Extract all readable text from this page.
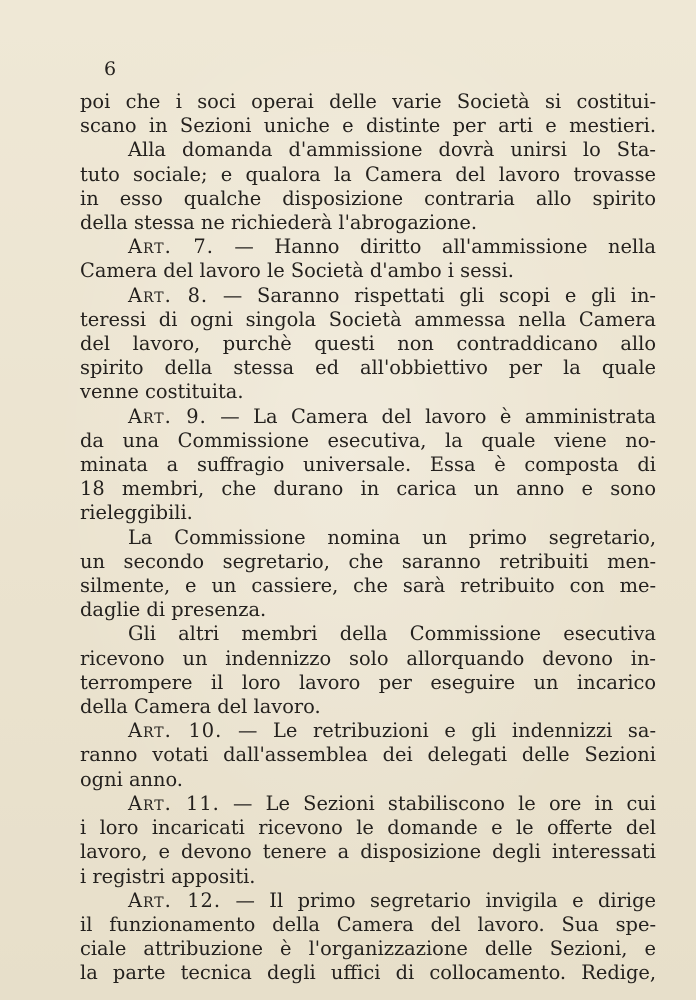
6

poi che i soci operai delle varie Società si costitui-
scano in Sezioni uniche e distinte per arti e mestieri.
Alla domanda d'ammissione dovrà unirsi lo Sta-
tuto sociale; e qualora la Camera del lavoro trovasse
in esso qualche disposizione contraria allo spirito
della stessa ne richiederà l'abrogazione.
Art. 7. — Hanno diritto all'ammissione nella
Camera del lavoro le Società d'ambo i sessi.
Art. 8. — Saranno rispettati gli scopi e gli in-
teressi di ogni singola Società ammessa nella Camera
del lavoro, purchè questi non contraddicano allo
spirito della stessa ed all'obbiettivo per la quale
venne costituita.
Art. 9. — La Camera del lavoro è amministrata
da una Commissione esecutiva, la quale viene no-
minata a suffragio universale. Essa è composta di
18 membri, che durano in carica un anno e sono
rieleggibili.
La Commissione nomina un primo segretario,
un secondo segretario, che saranno retribuiti men-
silmente, e un cassiere, che sarà retribuito con me-
daglie di presenza.
Gli altri membri della Commissione esecutiva
ricevono un indennizzo solo allorquando devono in-
terrompere il loro lavoro per eseguire un incarico
della Camera del lavoro.
Art. 10. — Le retribuzioni e gli indennizzi sa-
ranno votati dall'assemblea dei delegati delle Sezioni
ogni anno.
Art. 11. — Le Sezioni stabiliscono le ore in cui
i loro incaricati ricevono le domande e le offerte del
lavoro, e devono tenere a disposizione degli interessati
i registri appositi.
Art. 12. — Il primo segretario invigila e dirige
il funzionamento della Camera del lavoro. Sua spe-
ciale attribuzione è l'organizzazione delle Sezioni, e
la parte tecnica degli uffici di collocamento. Redige,
